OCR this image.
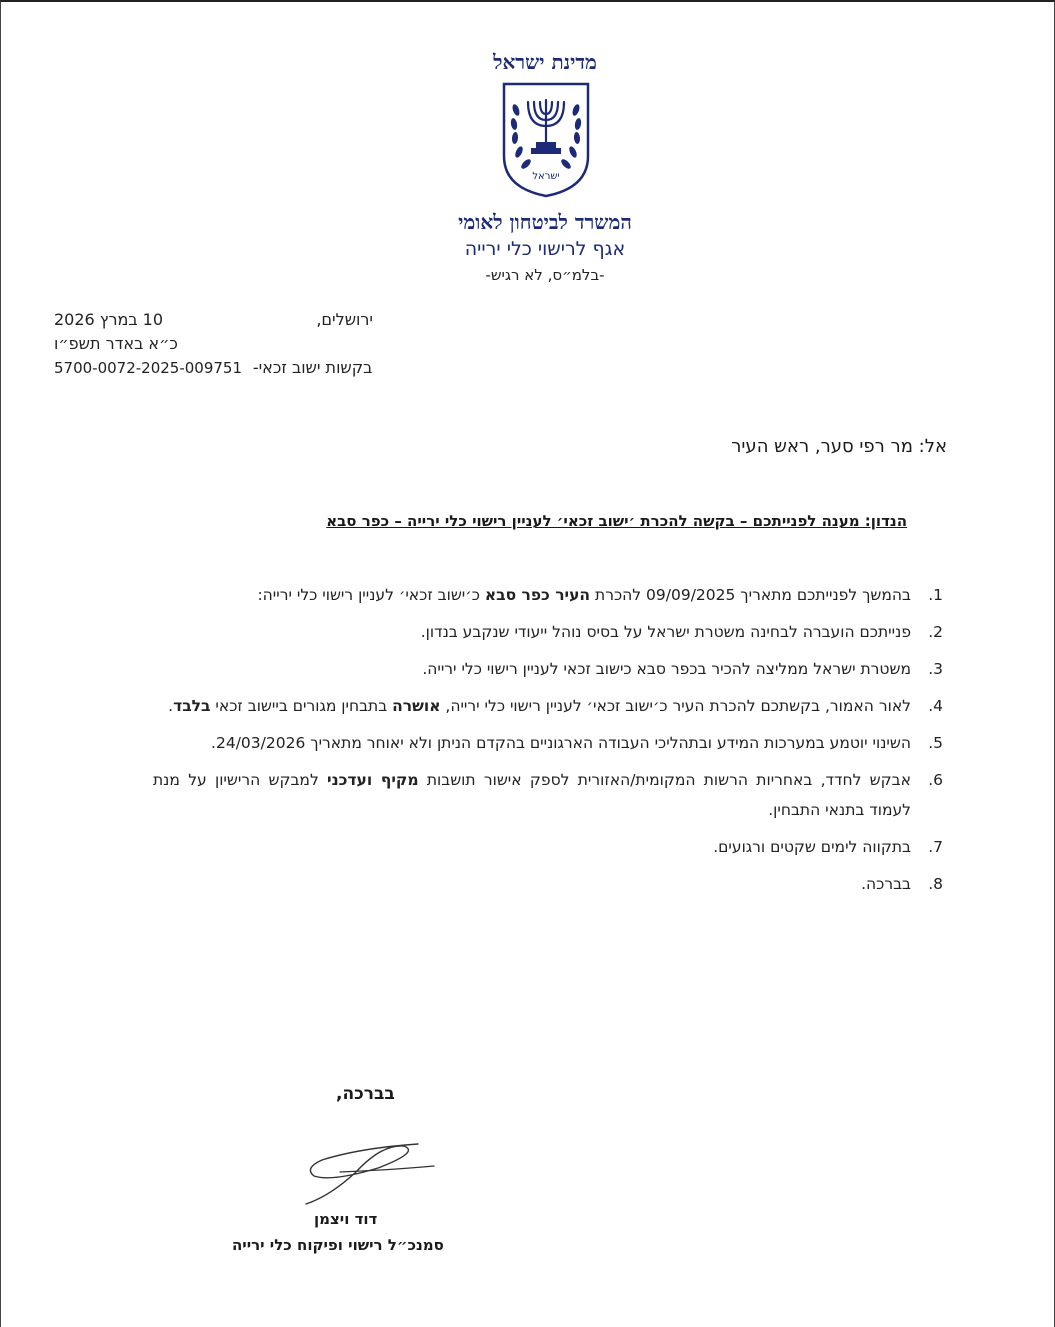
מדינת ישראל
ישראל
המשרד לביטחון לאומי
אגף לרישוי כלי ירייה
-בלמ״ס, לא רגיש-
ירושלים,
10 במרץ 2026
כ״א באדר תשפ״ו
5700-0072-2025-009751 בקשות ישוב זכאי-
אל: מר רפי סער, ראש העיר
הנדון: מענה לפנייתכם – בקשה להכרת ׳ישוב זכאי׳ לעניין רישוי כלי ירייה – כפר סבא
1.
בהמשך לפנייתכם מתאריך 09/09/2025 להכרת העיר כפר סבא כ׳ישוב זכאי׳ לעניין רישוי כלי ירייה:
2.
פנייתכם הועברה לבחינה משטרת ישראל על בסיס נוהל ייעודי שנקבע בנדון.
3.
משטרת ישראל ממליצה להכיר בכפר סבא כישוב זכאי לעניין רישוי כלי ירייה.
4.
לאור האמור, בקשתכם להכרת העיר כ׳ישוב זכאי׳ לעניין רישוי כלי ירייה, אושרה בתבחין מגורים ביישוב זכאי בלבד.
5.
השינוי יוטמע במערכות המידע ובתהליכי העבודה הארגוניים בהקדם הניתן ולא יאוחר מתאריך 24/03/2026.
6.
אבקש לחדד, באחריות הרשות המקומית/האזורית לספק אישור תושבות מקיף ועדכני למבקש הרישיון על מנת לעמוד בתנאי התבחין.
7.
בתקווה לימים שקטים ורגועים.
8.
בברכה.
בברכה,
דוד ויצמן
סמנכ״ל רישוי ופיקוח כלי ירייה
